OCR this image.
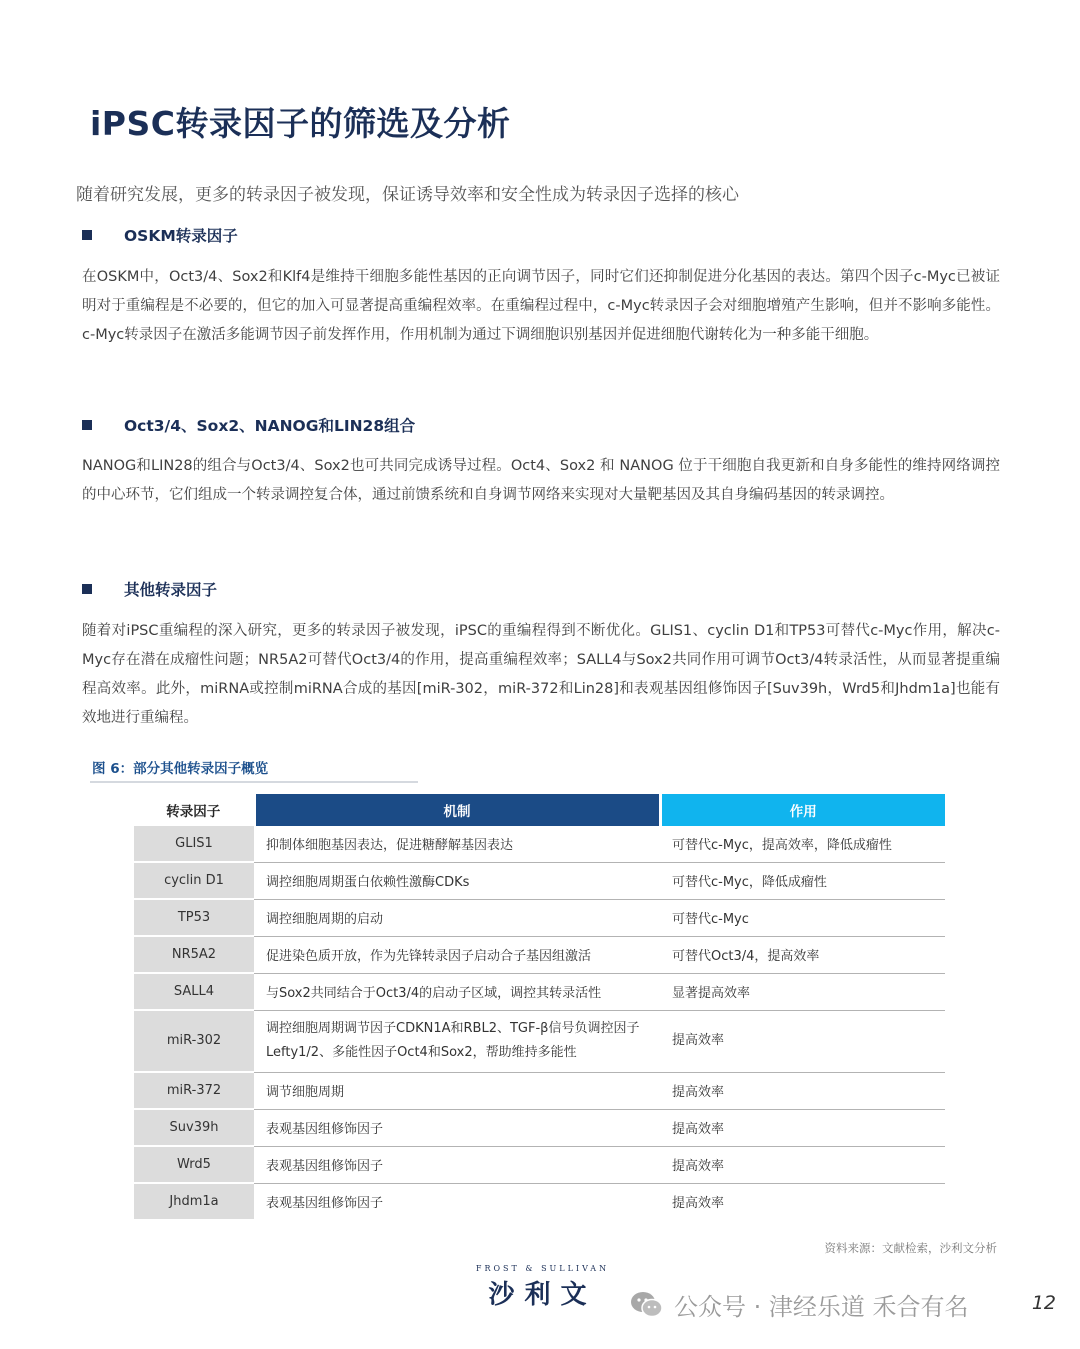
iPSC转录因子的筛选及分析
随着研究发展，更多的转录因子被发现，保证诱导效率和安全性成为转录因子选择的核心
OSKM转录因子
在OSKM中，Oct3/4、Sox2和Klf4是维持干细胞多能性基因的正向调节因子，同时它们还抑制促进分化基因的表达。第四个因子c-Myc已被证明对于重编程是不必要的，但它的加入可显著提高重编程效率。在重编程过程中，c-Myc转录因子会对细胞增殖产生影响，但并不影响多能性。c-Myc转录因子在激活多能调节因子前发挥作用，作用机制为通过下调细胞识别基因并促进细胞代谢转化为一种多能干细胞。
Oct3/4、Sox2、NANOG和LIN28组合
NANOG和LIN28的组合与Oct3/4、Sox2也可共同完成诱导过程。Oct4、Sox2 和 NANOG 位于干细胞自我更新和自身多能性的维持网络调控的中心环节，它们组成一个转录调控复合体，通过前馈系统和自身调节网络来实现对大量靶基因及其自身编码基因的转录调控。
其他转录因子
随着对iPSC重编程的深入研究，更多的转录因子被发现，iPSC的重编程得到不断优化。GLIS1、cyclin D1和TP53可替代c-Myc作用，解决c-Myc存在潜在成瘤性问题；NR5A2可替代Oct3/4的作用，提高重编程效率；SALL4与Sox2共同作用可调节Oct3/4转录活性，从而显著提重编程高效率。此外，miRNA或控制miRNA合成的基因[miR-302，miR-372和Lin28]和表观基因组修饰因子[Suv39h，Wrd5和Jhdm1a]也能有效地进行重编程。
图 6：部分其他转录因子概览
转录因子	机制	作用
GLIS1	抑制体细胞基因表达，促进糖酵解基因表达	可替代c-Myc，提高效率，降低成瘤性
cyclin D1	调控细胞周期蛋白依赖性激酶CDKs	可替代c-Myc，降低成瘤性
TP53	调控细胞周期的启动	可替代c-Myc
NR5A2	促进染色质开放，作为先锋转录因子启动合子基因组激活	可替代Oct3/4，提高效率
SALL4	与Sox2共同结合于Oct3/4的启动子区域，调控其转录活性	显著提高效率
miR-302	调控细胞周期调节因子CDKN1A和RBL2、TGF-β信号负调控因子Lefty1/2、多能性因子Oct4和Sox2，帮助维持多能性	提高效率
miR-372	调节细胞周期	提高效率
Suv39h	表观基因组修饰因子	提高效率
Wrd5	表观基因组修饰因子	提高效率
Jhdm1a	表观基因组修饰因子	提高效率
资料来源：文献检索，沙利文分析
FROST & SULLIVAN
沙利文	公众号 · 津经乐道 禾合有名	12
